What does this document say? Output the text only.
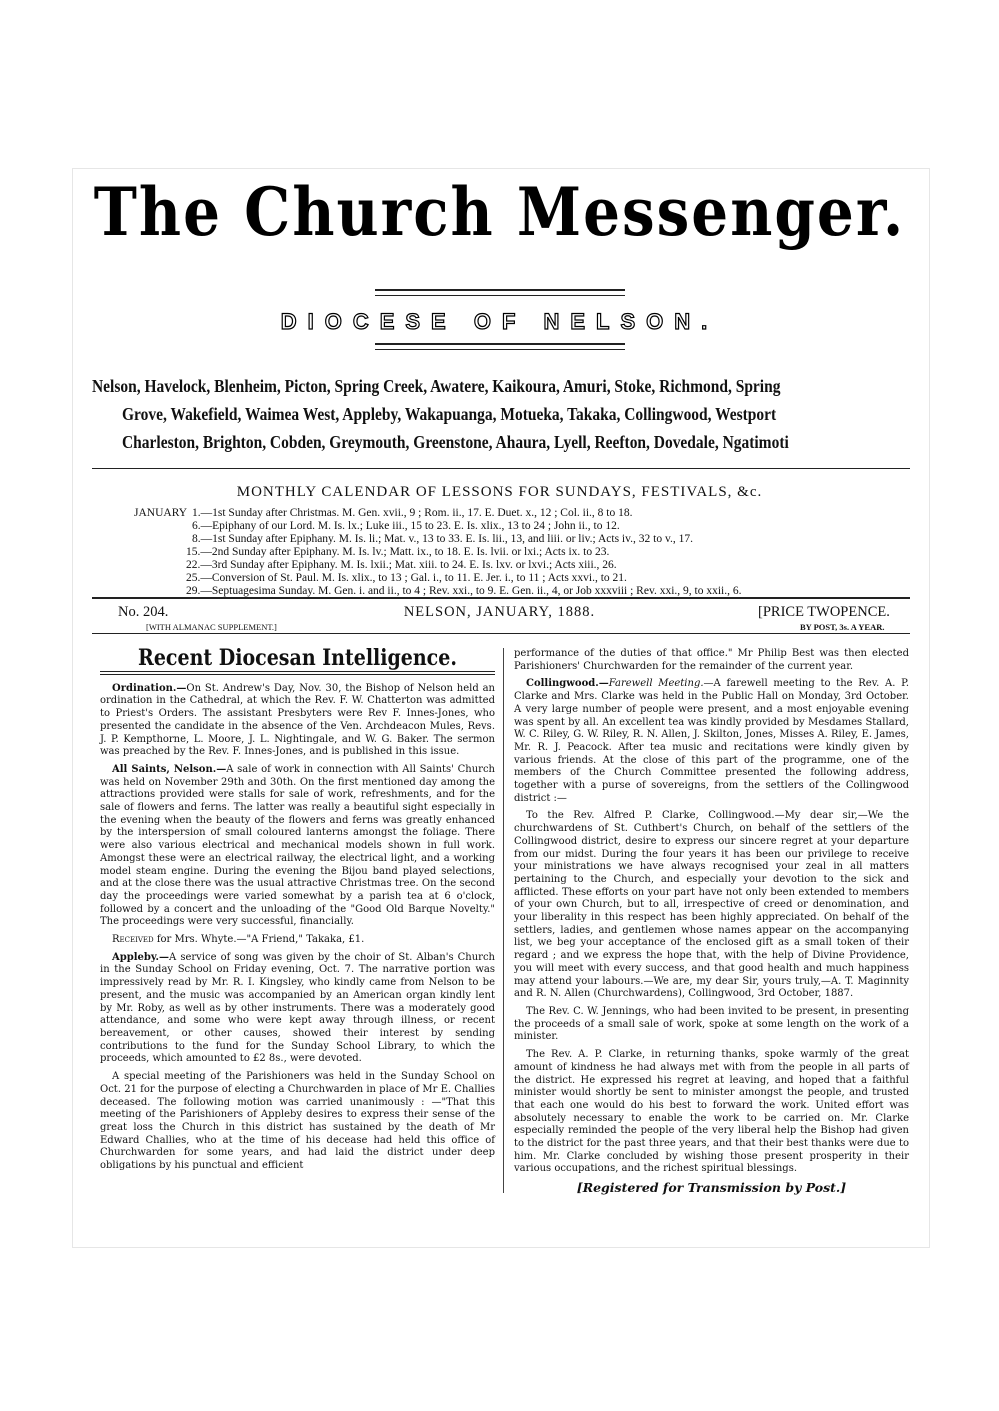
The Church Messenger.
DIOCESE OF NELSON.
Nelson, Havelock, Blenheim, Picton, Spring Creek, Awatere, Kaikoura, Amuri, Stoke, Richmond, Spring
Grove, Wakefield, Waimea West, Appleby, Wakapuanga, Motueka, Takaka, Collingwood, Westport
Charleston, Brighton, Cobden, Greymouth, Greenstone, Ahaura, Lyell, Reefton, Dovedale, Ngatimoti
MONTHLY CALENDAR OF LESSONS FOR SUNDAYS, FESTIVALS, &c.
JANUARY 1.—1st Sunday after Christmas. M. Gen. xvii., 9 ; Rom. ii., 17. E. Duet. x., 12 ; Col. ii., 8 to 18.
6.—Epiphany of our Lord. M. Is. lx.; Luke iii., 15 to 23. E. Is. xlix., 13 to 24 ; John ii., to 12.
8.—1st Sunday after Epiphany. M. Is. li.; Mat. v., 13 to 33. E. Is. lii., 13, and liii. or liv.; Acts iv., 32 to v., 17.
15.—2nd Sunday after Epiphany. M. Is. lv.; Matt. ix., to 18. E. Is. lvii. or lxi.; Acts ix. to 23.
22.—3rd Sunday after Epiphany. M. Is. lxii.; Mat. xiii. to 24. E. Is. lxv. or lxvi.; Acts xiii., 26.
25.—Conversion of St. Paul. M. Is. xlix., to 13 ; Gal. i., to 11. E. Jer. i., to 11 ; Acts xxvi., to 21.
29.—Septuagesima Sunday. M. Gen. i. and ii., to 4 ; Rev. xxi., to 9. E. Gen. ii., 4, or Job xxxviii ; Rev. xxi., 9, to xxii., 6.
No. 204.
[WITH ALMANAC SUPPLEMENT.]
NELSON, JANUARY, 1888.	[PRICE TWOPENCE.
BY POST, 3s. A YEAR.
Recent Diocesan Intelligence.

Ordination.—On St. Andrew's Day, Nov. 30, the Bishop of Nelson held an ordination in the Cathedral, at which the Rev. F. W. Chatterton was admitted to Priest's Orders. The assistant Presbyters were Rev F. Innes-Jones, who presented the candidate in the absence of the Ven. Archdeacon Mules, Revs. J. P. Kempthorne, L. Moore, J. L. Nightingale, and W. G. Baker. The sermon was preached by the Rev. F. Innes-Jones, and is published in this issue.

All Saints, Nelson.—A sale of work in connection with All Saints' Church was held on November 29th and 30th. On the first mentioned day among the attractions provided were stalls for sale of work, refreshments, and for the sale of flowers and ferns. The latter was really a beautiful sight especially in the evening when the beauty of the flowers and ferns was greatly enhanced by the interspersion of small coloured lanterns amongst the foliage. There were also various electrical and mechanical models shown in full work. Amongst these were an electrical railway, the electrical light, and a working model steam engine. During the evening the Bijou band played selections, and at the close there was the usual attractive Christmas tree. On the second day the proceedings were varied somewhat by a parish tea at 6 o'clock, followed by a concert and the unloading of the "Good Old Barque Novelty." The proceedings were very successful, financially.

Received for Mrs. Whyte.—"A Friend," Takaka, £1.

Appleby.—A service of song was given by the choir of St. Alban's Church in the Sunday School on Friday evening, Oct. 7. The narrative portion was impressively read by Mr. R. I. Kingsley, who kindly came from Nelson to be present, and the music was accompanied by an American organ kindly lent by Mr. Roby, as well as by other instruments. There was a moderately good attendance, and some who were kept away through illness, or recent bereavement, or other causes, showed their interest by sending contributions to the fund for the Sunday School Library, to which the proceeds, which amounted to £2 8s., were devoted.

A special meeting of the Parishioners was held in the Sunday School on Oct. 21 for the purpose of electing a Churchwarden in place of Mr E. Challies deceased. The following motion was carried unanimously : —"That this meeting of the Parishioners of Appleby desires to express their sense of the great loss the Church in this district has sustained by the death of Mr Edward Challies, who at the time of his decease had held this office of Churchwarden for some years, and had laid the district under deep obligations by his punctual and efficient

performance of the duties of that office." Mr Philip Best was then elected Parishioners' Churchwarden for the remainder of the current year.

Collingwood.—Farewell Meeting.—A farewell meeting to the Rev. A. P. Clarke and Mrs. Clarke was held in the Public Hall on Monday, 3rd October. A very large number of people were present, and a most enjoyable evening was spent by all. An excellent tea was kindly provided by Mesdames Stallard, W. C. Riley, G. W. Riley, R. N. Allen, J. Skilton, Jones, Misses A. Riley, E. James, Mr. R. J. Peacock. After tea music and recitations were kindly given by various friends. At the close of this part of the programme, one of the members of the Church Committee presented the following address, together with a purse of sovereigns, from the settlers of the Collingwood district :—

To the Rev. Alfred P. Clarke, Collingwood.—My dear sir,—We the churchwardens of St. Cuthbert's Church, on behalf of the settlers of the Collingwood district, desire to express our sincere regret at your departure from our midst. During the four years it has been our privilege to receive your ministrations we have always recognised your zeal in all matters pertaining to the Church, and especially your devotion to the sick and afflicted. These efforts on your part have not only been extended to members of your own Church, but to all, irrespective of creed or denomination, and your liberality in this respect has been highly appreciated. On behalf of the settlers, ladies, and gentlemen whose names appear on the accompanying list, we beg your acceptance of the enclosed gift as a small token of their regard ; and we express the hope that, with the help of Divine Providence, you will meet with every success, and that good health and much happiness may attend your labours.—We are, my dear Sir, yours truly,—A. T. Maginnity and R. N. Allen (Churchwardens), Collingwood, 3rd October, 1887.

The Rev. C. W. Jennings, who had been invited to be present, in presenting the proceeds of a small sale of work, spoke at some length on the work of a minister.

The Rev. A. P. Clarke, in returning thanks, spoke warmly of the great amount of kindness he had always met with from the people in all parts of the district. He expressed his regret at leaving, and hoped that a faithful minister would shortly be sent to minister amongst the people, and trusted that each one would do his best to forward the work. United effort was absolutely necessary to enable the work to be carried on. Mr. Clarke especially reminded the people of the very liberal help the Bishop had given to the district for the past three years, and that their best thanks were due to him. Mr. Clarke concluded by wishing those present prosperity in their various occupations, and the richest spiritual blessings.

[Registered for Transmission by Post.]
